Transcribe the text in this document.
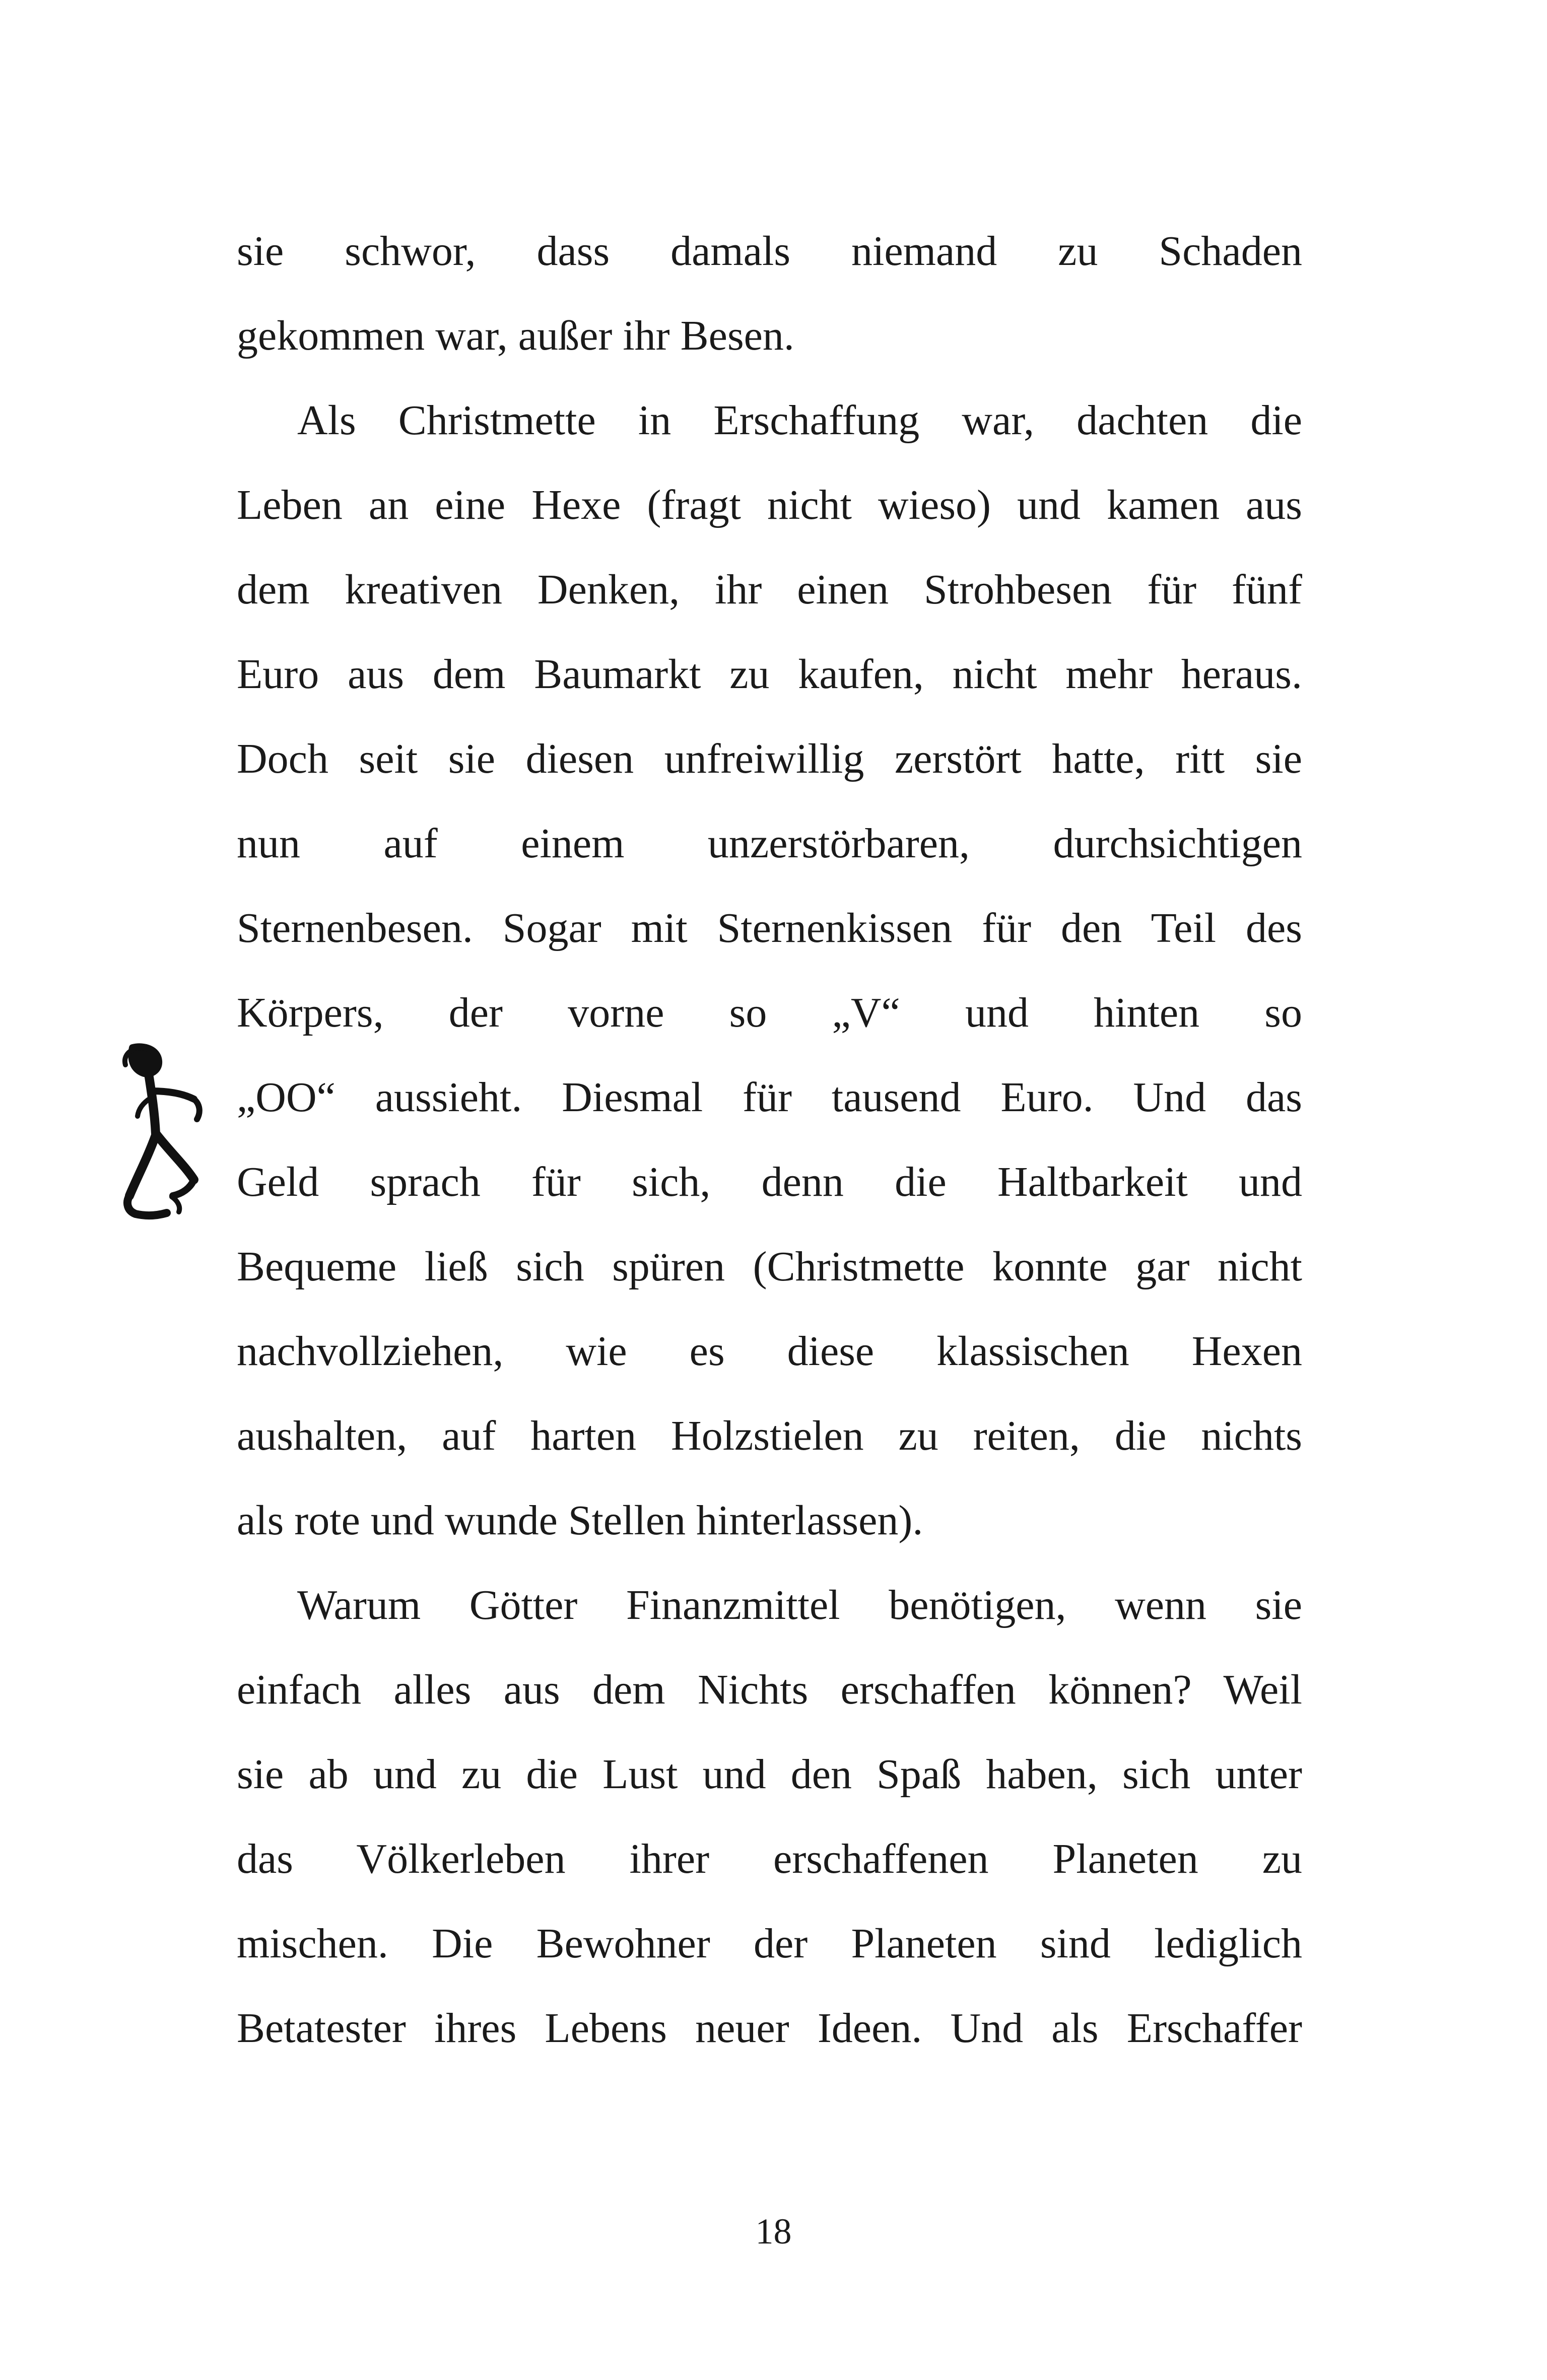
sie schwor, dass damals niemand zu Schaden
gekommen war, außer ihr Besen.
Als Christmette in Erschaffung war, dachten die
Leben an eine Hexe (fragt nicht wieso) und kamen aus
dem kreativen Denken, ihr einen Strohbesen für fünf
Euro aus dem Baumarkt zu kaufen, nicht mehr heraus.
Doch seit sie diesen unfreiwillig zerstört hatte, ritt sie
nun auf einem unzerstörbaren, durchsichtigen
Sternenbesen. Sogar mit Sternenkissen für den Teil des
Körpers, der vorne so „V“ und hinten so
„OO“ aussieht. Diesmal für tausend Euro. Und das
Geld sprach für sich, denn die Haltbarkeit und
Bequeme ließ sich spüren (Christmette konnte gar nicht
nachvollziehen, wie es diese klassischen Hexen
aushalten, auf harten Holzstielen zu reiten, die nichts
als rote und wunde Stellen hinterlassen).
Warum Götter Finanzmittel benötigen, wenn sie
einfach alles aus dem Nichts erschaffen können? Weil
sie ab und zu die Lust und den Spaß haben, sich unter
das Völkerleben ihrer erschaffenen Planeten zu
mischen. Die Bewohner der Planeten sind lediglich
Betatester ihres Lebens neuer Ideen. Und als Erschaffer
18
